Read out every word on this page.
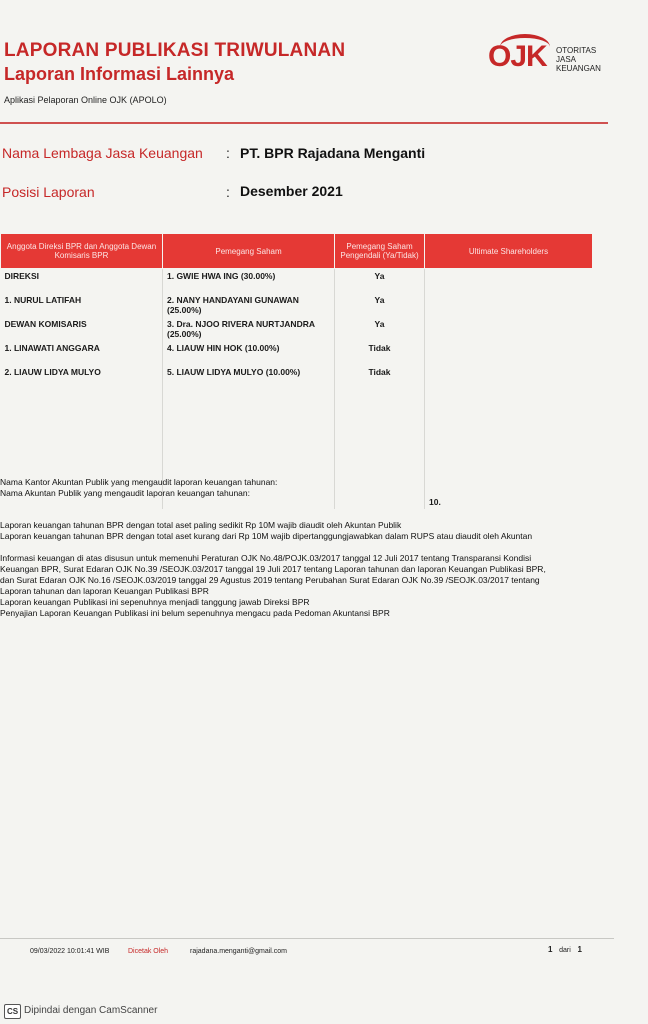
LAPORAN PUBLIKASI TRIWULANAN
Laporan Informasi Lainnya
Aplikasi Pelaporan Online OJK (APOLO)
OJK OTORITAS
JASA
KEUANGAN
Nama Lembaga Jasa Keuangan : PT. BPR Rajadana Menganti
Posisi Laporan	: Desember 2021
Anggota Direksi BPR dan Anggota Dewan Komisaris BPR	Pemegang Saham	Pemegang Saham Pengendali (Ya/Tidak)	Ultimate Shareholders
DIREKSI	1. GWIE HWA ING (30.00%)	Ya	
1. NURUL LATIFAH	2. NANY HANDAYANI GUNAWAN (25.00%)	Ya	
DEWAN KOMISARIS	3. Dra. NJOO RIVERA NURTJANDRA (25.00%)	Ya	
1. LINAWATI ANGGARA	4. LIAUW HIN HOK (10.00%)	Tidak	
2. LIAUW LIDYA MULYO	5. LIAUW LIDYA MULYO (10.00%)	Tidak	

			10.
Nama Kantor Akuntan Publik yang mengaudit laporan keuangan tahunan:
Nama Akuntan Publik yang mengaudit laporan keuangan tahunan:
Laporan keuangan tahunan BPR dengan total aset paling sedikit Rp 10M wajib diaudit oleh Akuntan Publik
Laporan keuangan tahunan BPR dengan total aset kurang dari Rp 10M wajib dipertanggungjawabkan dalam RUPS atau diaudit oleh Akuntan
Informasi keuangan di atas disusun untuk memenuhi Peraturan OJK No.48/POJK.03/2017 tanggal 12 Juli 2017 tentang Transparansi Kondisi
Keuangan BPR, Surat Edaran OJK No.39 /SEOJK.03/2017 tanggal 19 Juli 2017 tentang Laporan tahunan dan laporan Keuangan Publikasi BPR,
dan Surat Edaran OJK No.16 /SEOJK.03/2019 tanggal 29 Agustus 2019 tentang Perubahan Surat Edaran OJK No.39 /SEOJK.03/2017 tentang
Laporan tahunan dan laporan Keuangan Publikasi BPR
Laporan keuangan Publikasi ini sepenuhnya menjadi tanggung jawab Direksi BPR
Penyajian Laporan Keuangan Publikasi ini belum sepenuhnya mengacu pada Pedoman Akuntansi BPR
09/03/2022 10:01:41 WIB	Dicetak Oleh	rajadana.menganti@gmail.com	1 dari 1
CS Dipindai dengan CamScanner
